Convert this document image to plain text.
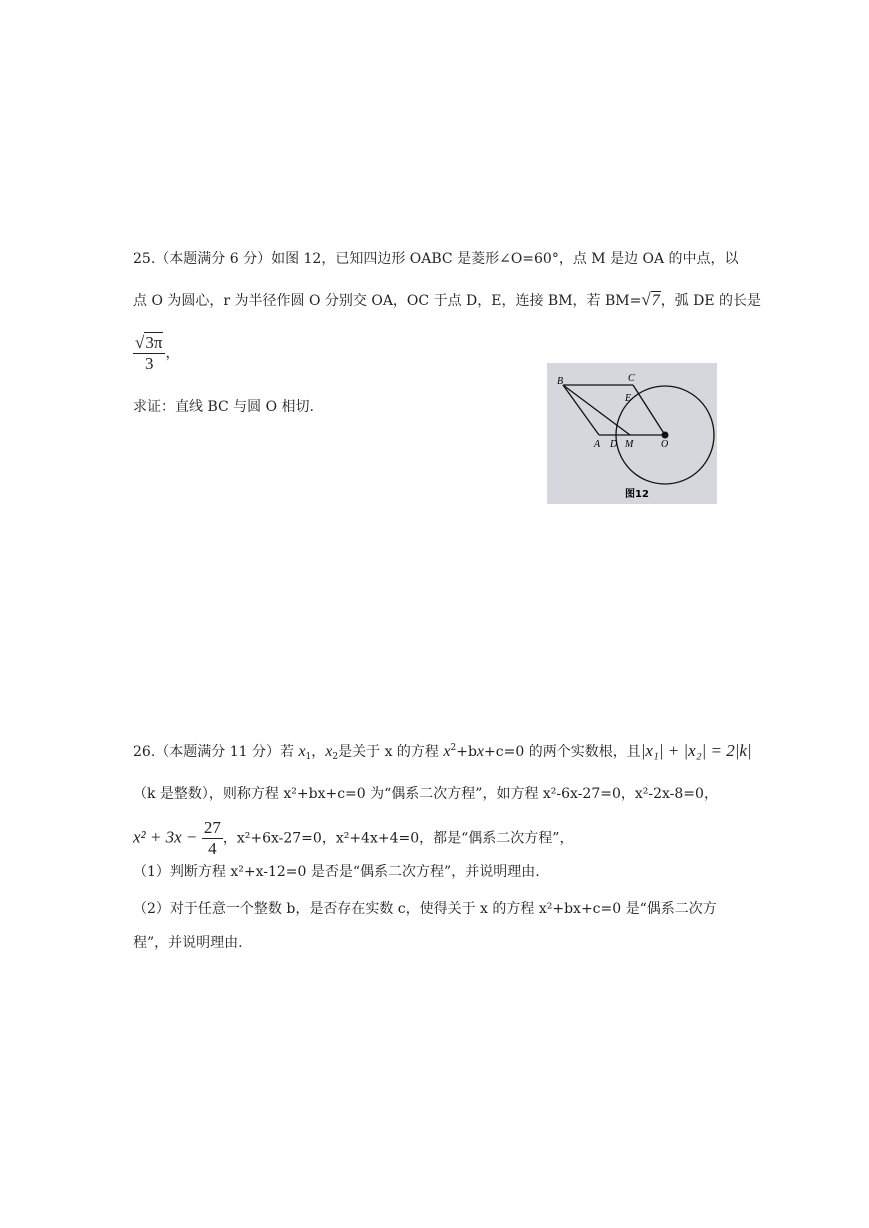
25.（本题满分 6 分）如图 12，已知四边形 OABC 是菱形∠O=60°，点 M 是边 OA 的中点，以
点 O 为圆心，r 为半径作圆 O 分别交 OA，OC 于点 D，E，连接 BM，若 BM=√7，弧 DE 的长是
$\frac{√3\pi}{3}$ ，
求证：直线 BC 与圆 O 相切.
B	C
E
A D M	O
图12
26.（本题满分 11 分）若 $x_1$，$x_2$是关于 x 的方程 $x^2+bx+c=0$ 的两个实数根，且|x₁| + |x₂| = 2|k|
（k 是整数），则称方程 x²+bx+c=0 为“偶系二次方程”，如方程 x²-6x-27=0，x²-2x-8=0，
$x^2 + 3x - \frac{27}{4}$ ，x²+6x-27=0，x²+4x+4=0，都是“偶系二次方程”，
（1）判断方程 x²+x-12=0 是否是“偶系二次方程”，并说明理由.
（2）对于任意一个整数 b，是否存在实数 c，使得关于 x 的方程 x²+bx+c=0 是“偶系二次方
程”，并说明理由.
